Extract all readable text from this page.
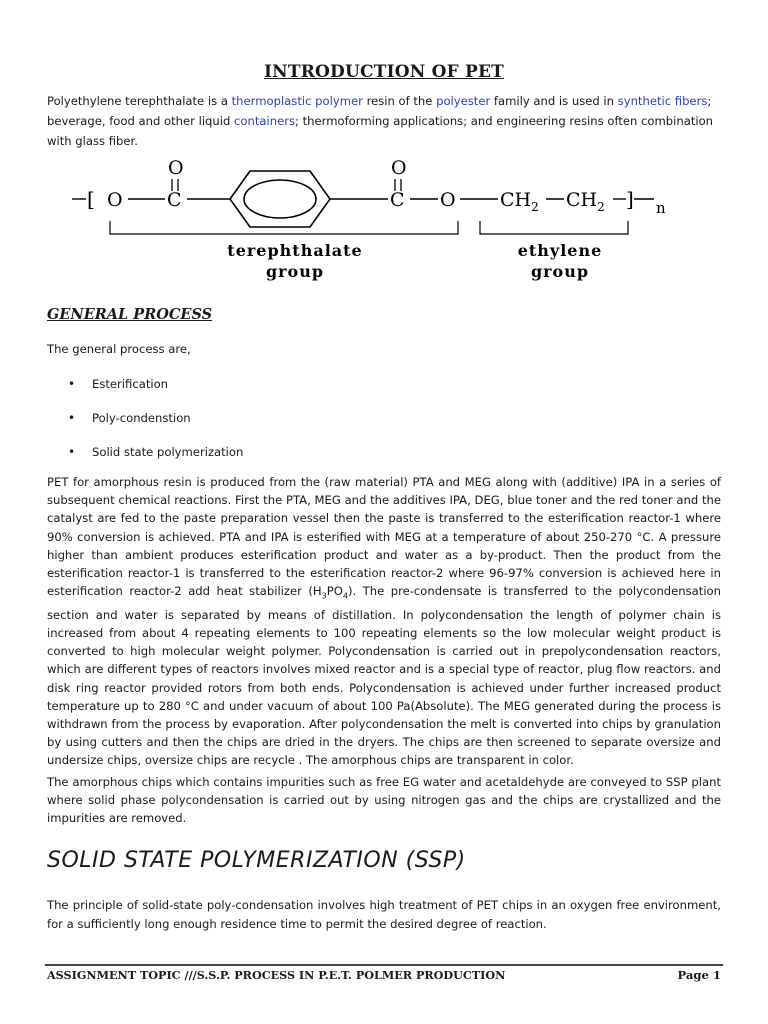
INTRODUCTION OF PET
Polyethylene terephthalate is a thermoplastic polymer resin of the polyester family and is used in synthetic fibers; beverage, food and other liquid containers; thermoforming applications; and engineering resins often combination with glass fiber.
O	O
[ O C	C O $CH_2$ $CH_2$ ] n
terephthalate
group
ethylene
group
GENERAL PROCESS
The general process are,
• Esterification
• Poly-condenstion
• Solid state polymerization
PET for amorphous resin is produced from the (raw material) PTA and MEG along with (additive) IPA in a series of subsequent chemical reactions. First the PTA, MEG and the additives IPA, DEG, blue toner and the red toner and the catalyst are fed to the paste preparation vessel then the paste is transferred to the esterification reactor-1 where 90% conversion is achieved. PTA and IPA is esterified with MEG at a temperature of about 250-270 °C. A pressure higher than ambient produces esterification product and water as a by-product. Then the product from the esterification reactor-1 is transferred to the esterification reactor-2 where 96-97% conversion is achieved here in esterification reactor-2 add heat stabilizer $(H_3PO_4)$. The pre-condensate is transferred to the polycondensation section and water is separated by means of distillation. In polycondensation the length of polymer chain is increased from about 4 repeating elements to 100 repeating elements so the low molecular weight product is converted to high molecular weight polymer. Polycondensation is carried out in prepolycondensation reactors, which are different types of reactors involves mixed reactor and is a special type of reactor, plug flow reactors. and disk ring reactor provided rotors from both ends. Polycondensation is achieved under further increased product temperature up to 280 °C and under vacuum of about 100 Pa(Absolute). The MEG generated during the process is withdrawn from the process by evaporation. After polycondensation the melt is converted into chips by granulation by using cutters and then the chips are dried in the dryers. The chips are then screened to separate oversize and undersize chips, oversize chips are recycle . The amorphous chips are transparent in color.
The amorphous chips which contains impurities such as free EG water and acetaldehyde are conveyed to SSP plant where solid phase polycondensation is carried out by using nitrogen gas and the chips are crystallized and the impurities are removed.
SOLID STATE POLYMERIZATION (SSP)
The principle of solid-state poly-condensation involves high treatment of PET chips in an oxygen free environment, for a sufficiently long enough residence time to permit the desired degree of reaction.
ASSIGNMENT TOPIC ///S.S.P. PROCESS IN P.E.T. POLMER PRODUCTION	Page 1
